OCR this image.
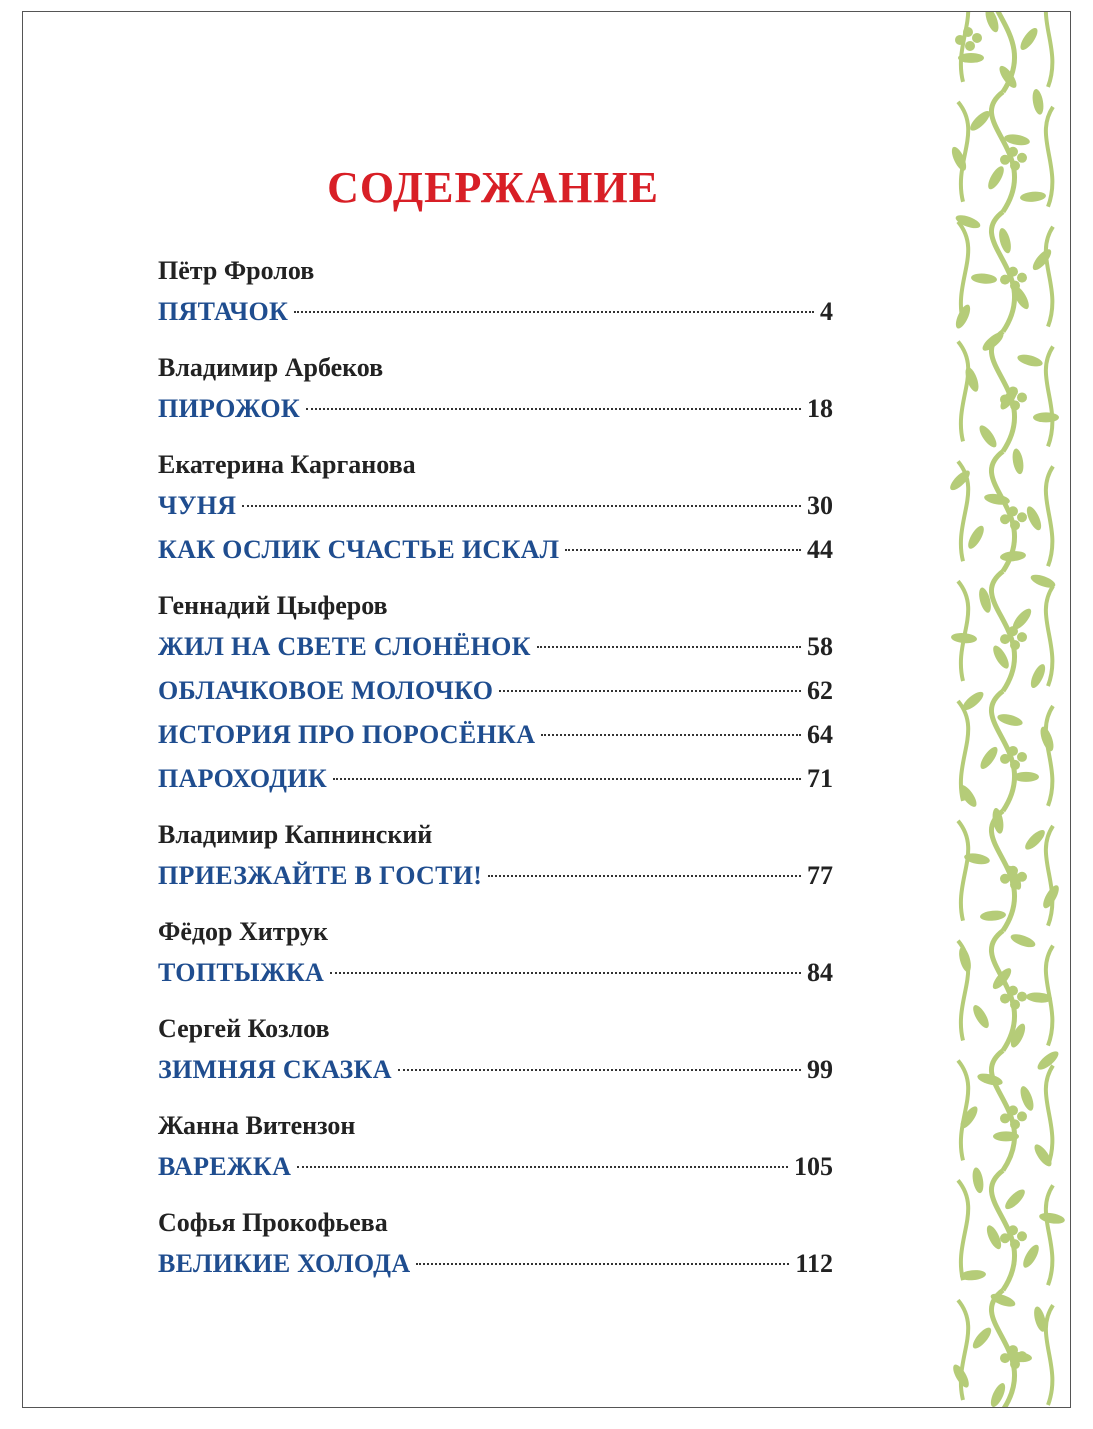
СОДЕРЖАНИЕ
Пётр Фролов
ПЯТАЧОК	4
Владимир Арбеков
ПИРОЖОК	18
Екатерина Карганова
ЧУНЯ	30
КАК ОСЛИК СЧАСТЬЕ ИСКАЛ	44
Геннадий Цыферов
ЖИЛ НА СВЕТЕ СЛОНЁНОК	58
ОБЛАЧКОВОЕ МОЛОЧКО	62
ИСТОРИЯ ПРО ПОРОСЁНКА	64
ПАРОХОДИК	71
Владимир Капнинский
ПРИЕЗЖАЙТЕ В ГОСТИ!	77
Фёдор Хитрук
ТОПТЫЖКА	84
Сергей Козлов
ЗИМНЯЯ СКАЗКА	99
Жанна Витензон
ВАРЕЖКА	105
Софья Прокофьева
ВЕЛИКИЕ ХОЛОДА	112
